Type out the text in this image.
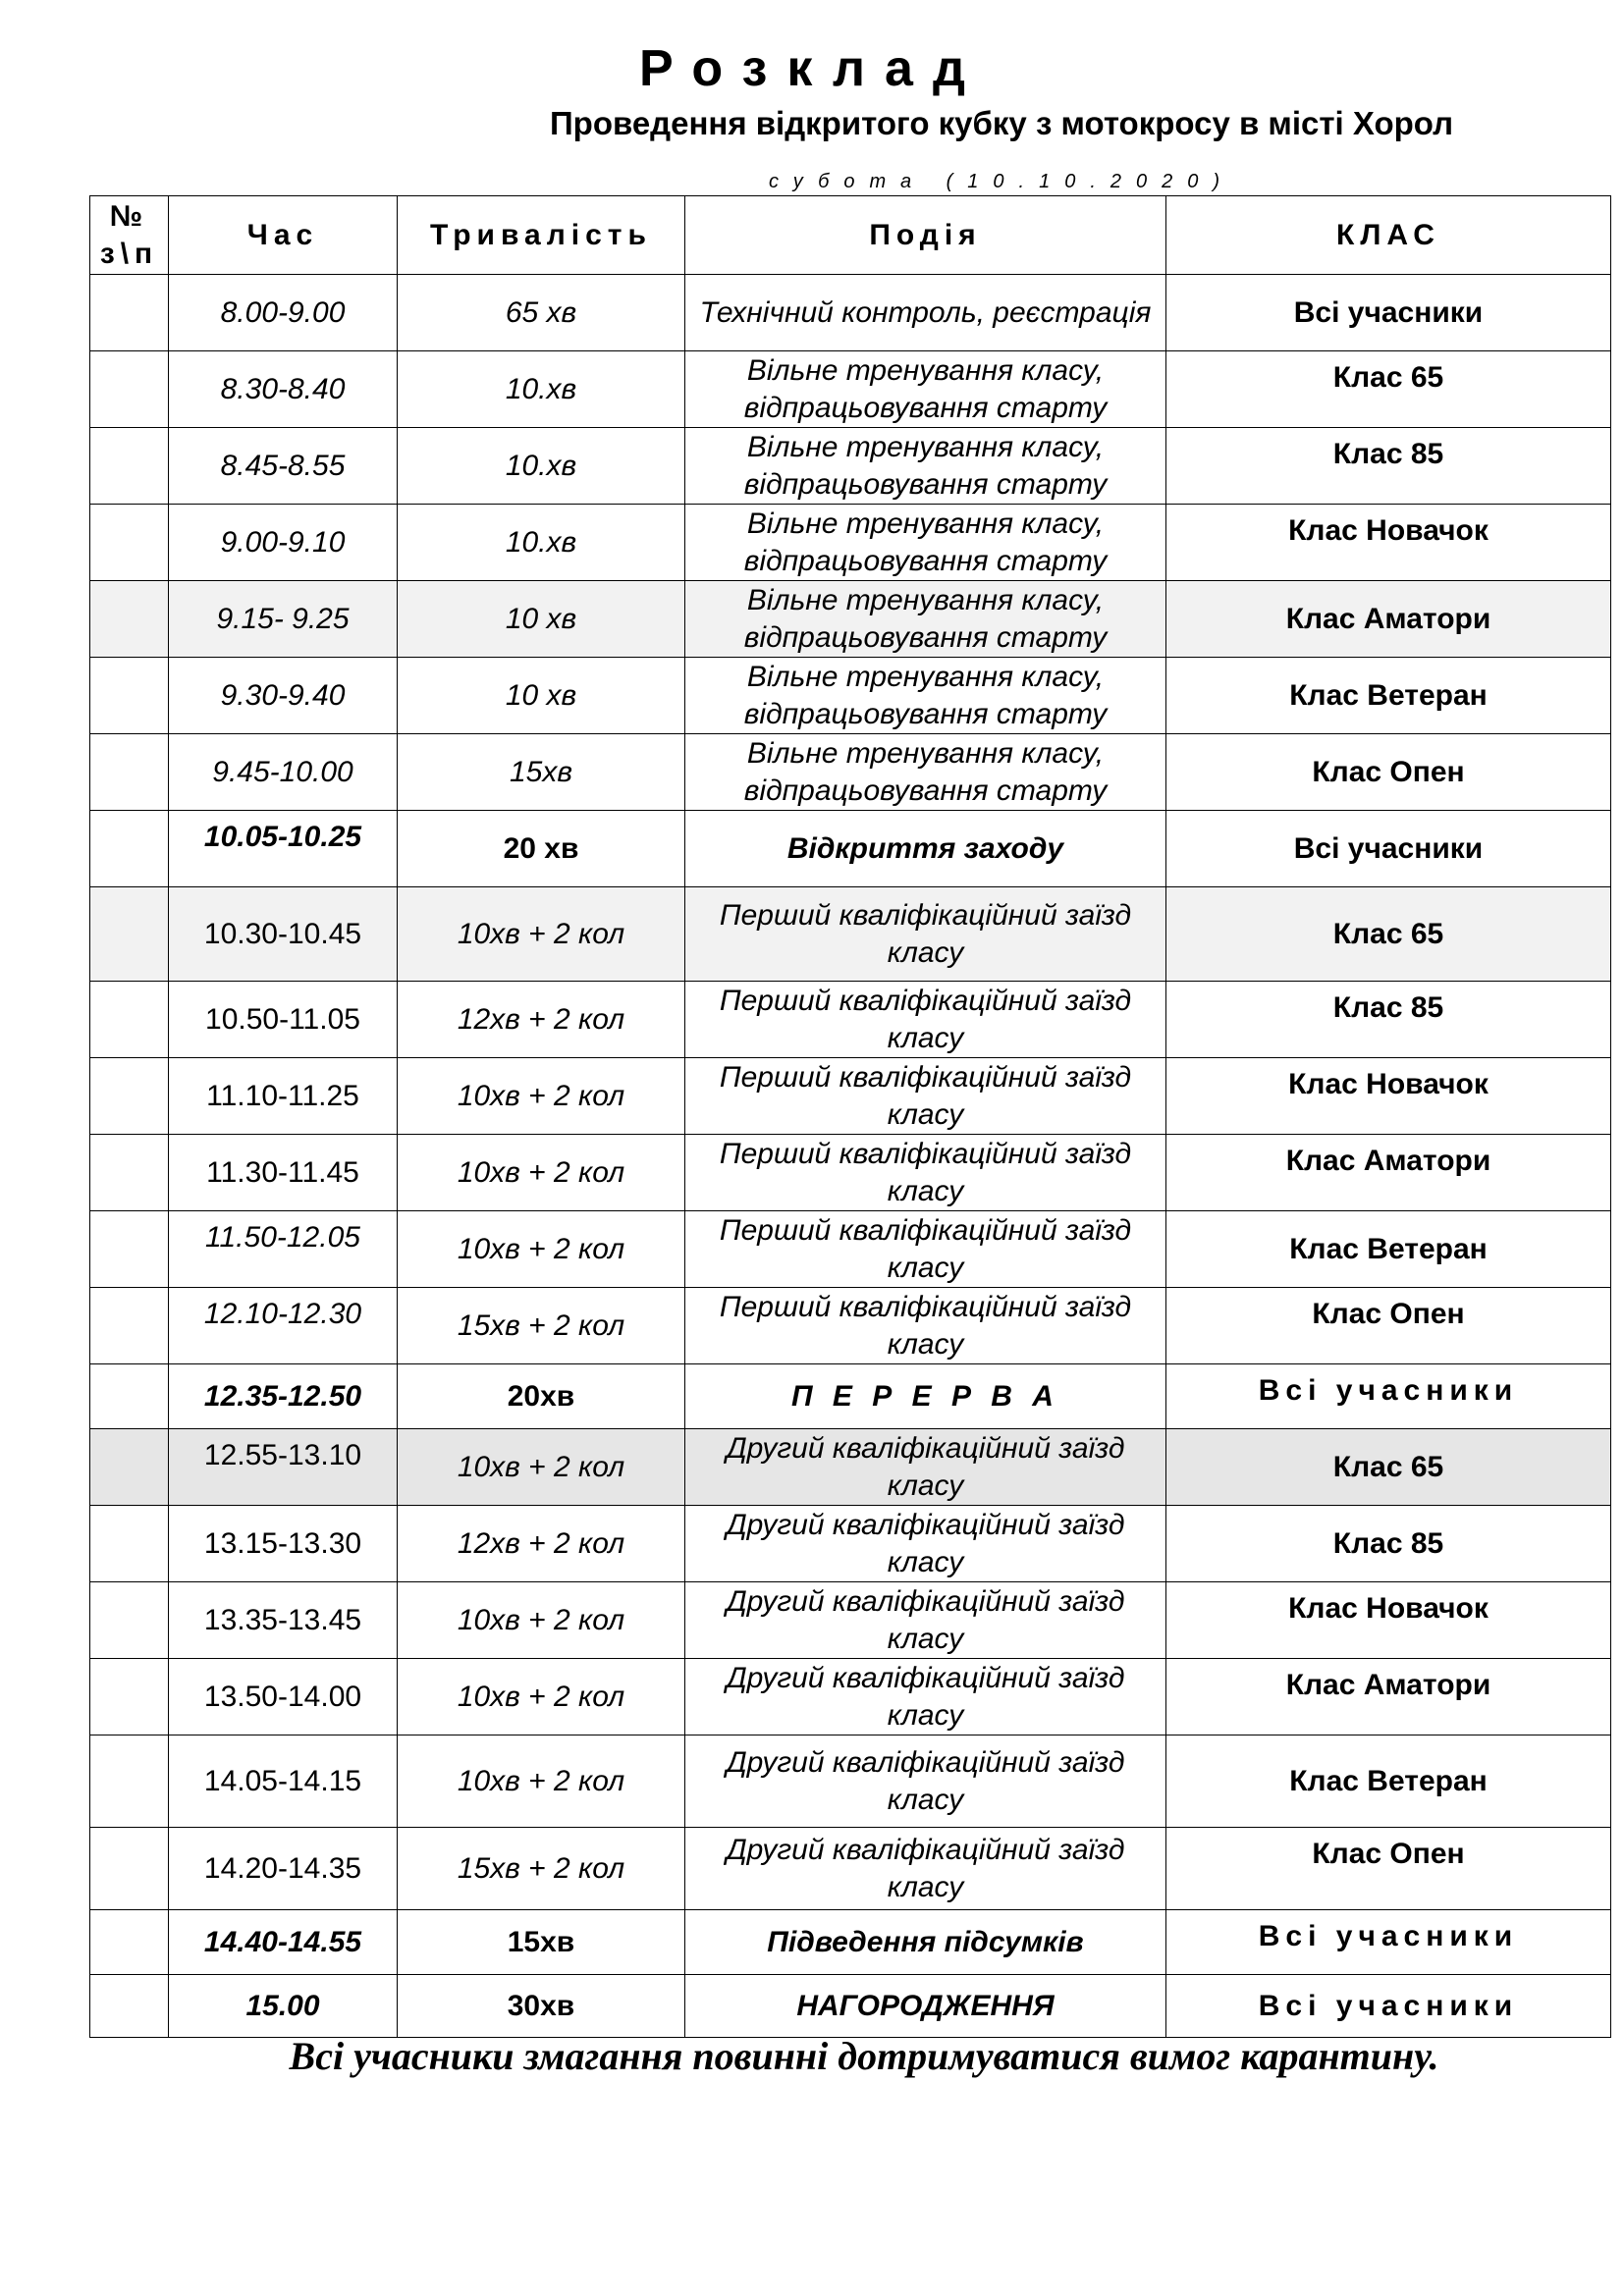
Розклад
Проведення відкритого кубку з мотокросу в місті Хорол
субота (10.10.2020)
№ з\п	Час	Тривалість	Подія	КЛАС
	8.00-9.00	65 хв	Технічний контроль, реєстрація	Всі учасники
	8.30-8.40	10.хв	Вільне тренування класу, відпрацьовування старту	Клас 65
	8.45-8.55	10.хв	Вільне тренування класу, відпрацьовування старту	Клас 85
	9.00-9.10	10.хв	Вільне тренування класу, відпрацьовування старту	Клас Новачок
	9.15- 9.25	10 хв	Вільне тренування класу, відпрацьовування старту	Клас Аматори
	9.30-9.40	10 хв	Вільне тренування класу, відпрацьовування старту	Клас Ветеран
	9.45-10.00	15хв	Вільне тренування класу, відпрацьовування старту	Клас Опен
	10.05-10.25	20 хв	Відкриття заходу	Всі учасники
	10.30-10.45	10хв + 2 кол	Перший кваліфікаційний заїзд класу	Клас 65
	10.50-11.05	12хв + 2 кол	Перший кваліфікаційний заїзд класу	Клас 85
	11.10-11.25	10хв + 2 кол	Перший кваліфікаційний заїзд класу	Клас Новачок
	11.30-11.45	10хв + 2 кол	Перший кваліфікаційний заїзд класу	Клас Аматори
	11.50-12.05	10хв + 2 кол	Перший кваліфікаційний заїзд класу	Клас Ветеран
	12.10-12.30	15хв + 2 кол	Перший кваліфікаційний заїзд класу	Клас Опен
	12.35-12.50	20хв	П Е Р Е Р В А	Всі учасники
	12.55-13.10	10хв + 2 кол	Другий кваліфікаційний заїзд класу	Клас 65
	13.15-13.30	12хв + 2 кол	Другий кваліфікаційний заїзд класу	Клас 85
	13.35-13.45	10хв + 2 кол	Другий кваліфікаційний заїзд класу	Клас Новачок
	13.50-14.00	10хв + 2 кол	Другий кваліфікаційний заїзд класу	Клас Аматори
	14.05-14.15	10хв + 2 кол	Другий кваліфікаційний заїзд класу	Клас Ветеран
	14.20-14.35	15хв + 2 кол	Другий кваліфікаційний заїзд класу	Клас Опен
	14.40-14.55	15хв	Підведення підсумків	Всі учасники
	15.00	30хв	НАГОРОДЖЕННЯ	Всі учасники
Всі учасники змагання повинні дотримуватися вимог карантину.
